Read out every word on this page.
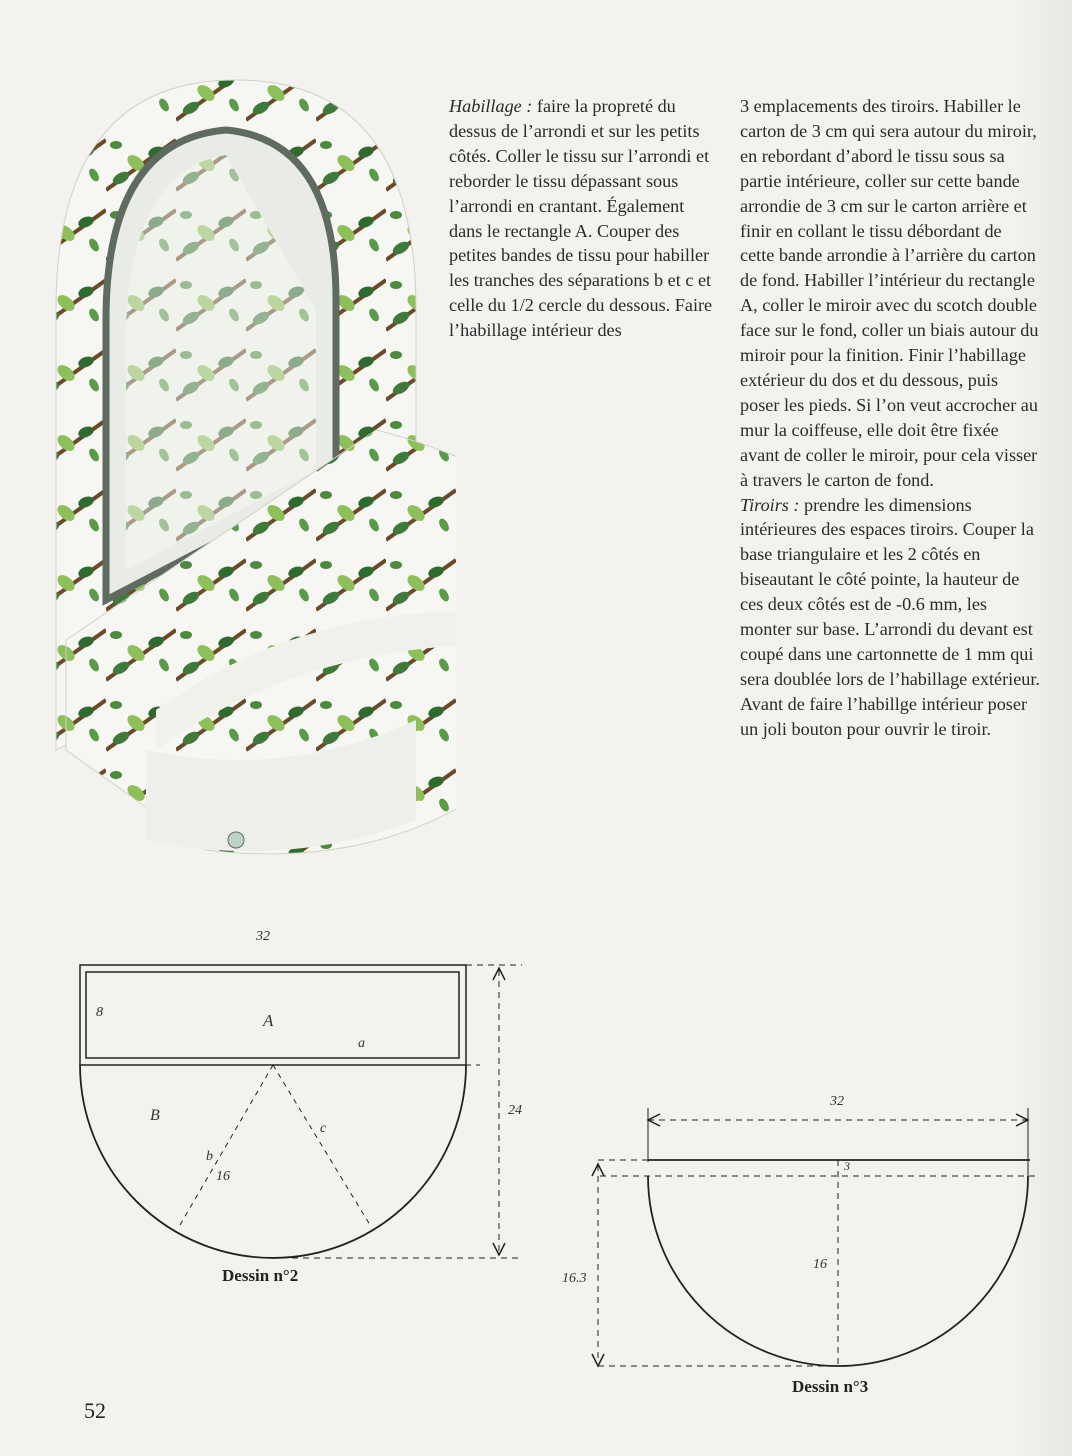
Habillage : faire la propreté du dessus de l’arrondi et sur les petits côtés. Coller le tissu sur l’arrondi et reborder le tissu dépassant sous l’arrondi en crantant. Également dans le rectangle A. Couper des petites bandes de tissu pour habiller les tranches des séparations b et c et celle du 1/2 cercle du dessous. Faire l’habillage intérieur des

3 emplacements des tiroirs. Habiller le carton de 3 cm qui sera autour du miroir, en rebordant d’abord le tissu sous sa partie intérieure, coller sur cette bande arrondie de 3 cm sur le carton arrière et finir en collant le tissu débordant de cette bande arrondie à l’arrière du carton de fond. Habiller l’intérieur du rectangle A, coller le miroir avec du scotch double face sur le fond, coller un biais autour du miroir pour la finition. Finir l’habillage extérieur du dos et du dessous, puis poser les pieds. Si l’on veut accrocher au mur la coiffeuse, elle doit être fixée avant de coller le miroir, pour cela visser à travers le carton de fond.

Tiroirs : prendre les dimensions intérieures des espaces tiroirs. Couper la base triangulaire et les 2 côtés en biseautant le côté pointe, la hauteur de ces deux côtés est de -0.6 mm, les monter sur base. L’arrondi du devant est coupé dans une cartonnette de 1 mm qui sera doublée lors de l’habillage extérieur. Avant de faire l’habillge intérieur poser un joli bouton pour ouvrir le tiroir.

32
8	A
a
B
b
c
16
24
Dessin n°2
32
3
16
16.3
Dessin n°3
52
